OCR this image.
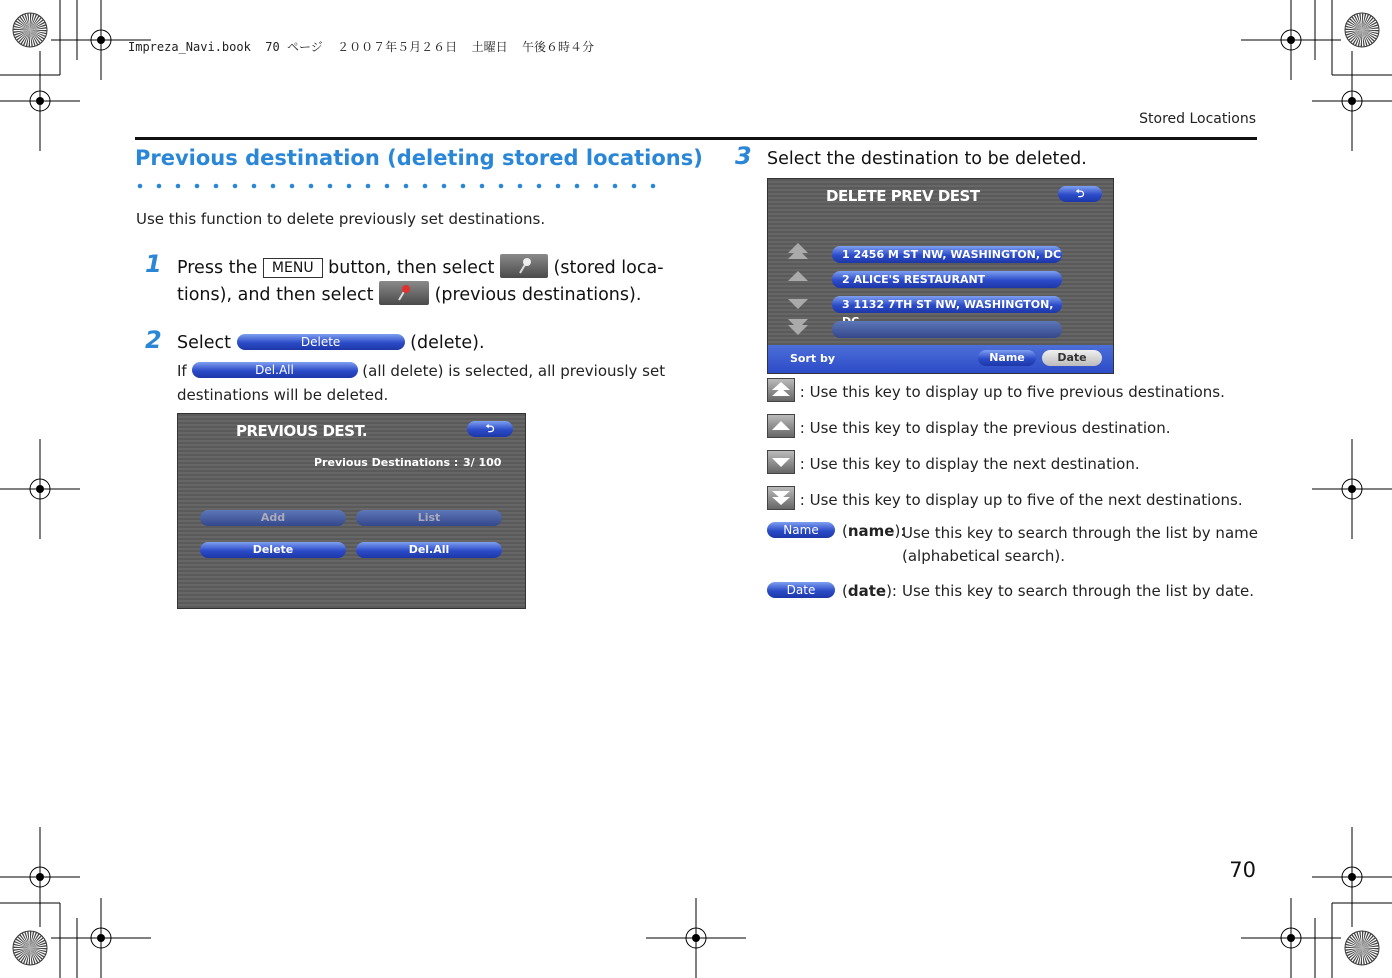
Impreza_Navi.book  70 ページ  ２００７年５月２６日  土曜日  午後６時４分
Stored Locations
Previous destination (deleting stored locations)
Use this function to delete previously set destinations.
1 Press the MENU button, then select	(stored loca-
tions), and then select	(previous destinations).
2 Select	Delete	(delete).
If	Del.All	(all delete) is selected, all previously set
destinations will be deleted.
PREVIOUS DEST.	⮌
Previous Destinations : 3/ 100
Add	List
Delete	Del.All
3 Select the destination to be deleted.
DELETE PREV DEST	⮌
1 2456 M ST NW, WASHINGTON, DC
2 ALICE'S RESTAURANT
3 1132 7TH ST NW, WASHINGTON,
Sort by	Name	Date
: Use this key to display up to five previous destinations.
: Use this key to display the previous destination.
: Use this key to display the next destination.
: Use this key to display up to five of the next destinations.
Name	(name):
Use this key to search through the list by name
(alphabetical search).
Date	(date): Use this key to search through the list by date.
70
